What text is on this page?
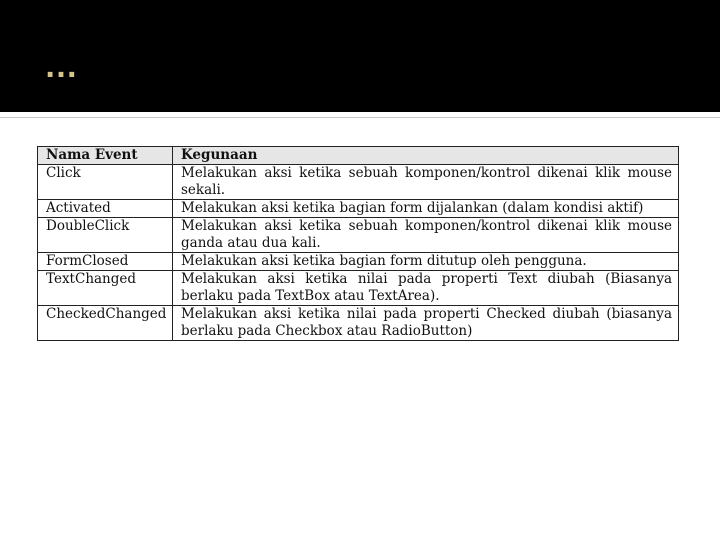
…
Nama Event	Kegunaan
Click	Melakukan aksi ketika sebuah komponen/kontrol dikenai klik mouse sekali.
Activated	Melakukan aksi ketika bagian form dijalankan (dalam kondisi aktif)
DoubleClick	Melakukan aksi ketika sebuah komponen/kontrol dikenai klik mouse ganda atau dua kali.
FormClosed	Melakukan aksi ketika bagian form ditutup oleh pengguna.
TextChanged	Melakukan aksi ketika nilai pada properti Text diubah (Biasanya berlaku pada TextBox atau TextArea).
CheckedChanged	Melakukan aksi ketika nilai pada properti Checked diubah (biasanya berlaku pada Checkbox atau RadioButton)
